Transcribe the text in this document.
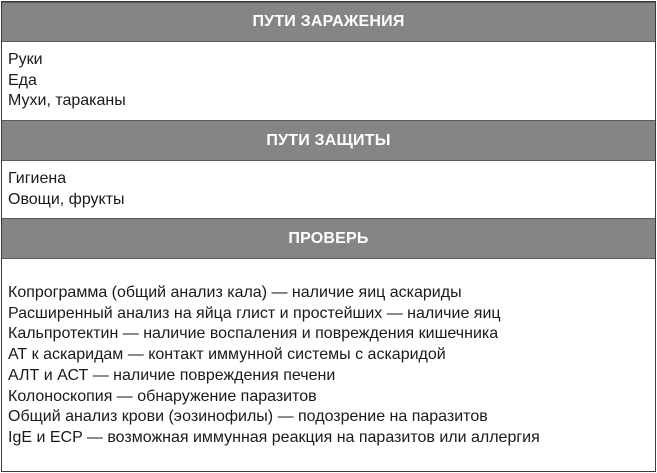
ПУТИ ЗАРАЖЕНИЯ
Руки
Еда
Мухи, тараканы
ПУТИ ЗАЩИТЫ
Гигиена
Овощи, фрукты
ПРОВЕРЬ
Копрограмма (общий анализ кала) — наличие яиц аскариды
Расширенный анализ на яйца глист и простейших — наличие яиц
Кальпротектин — наличие воспаления и повреждения кишечника
АТ к аскаридам — контакт иммунной системы с аскаридой
АЛТ и АСТ — наличие повреждения печени
Колоноскопия — обнаружение паразитов
Общий анализ крови (эозинофилы) — подозрение на паразитов
IgE и ECP — возможная иммунная реакция на паразитов или аллергия
